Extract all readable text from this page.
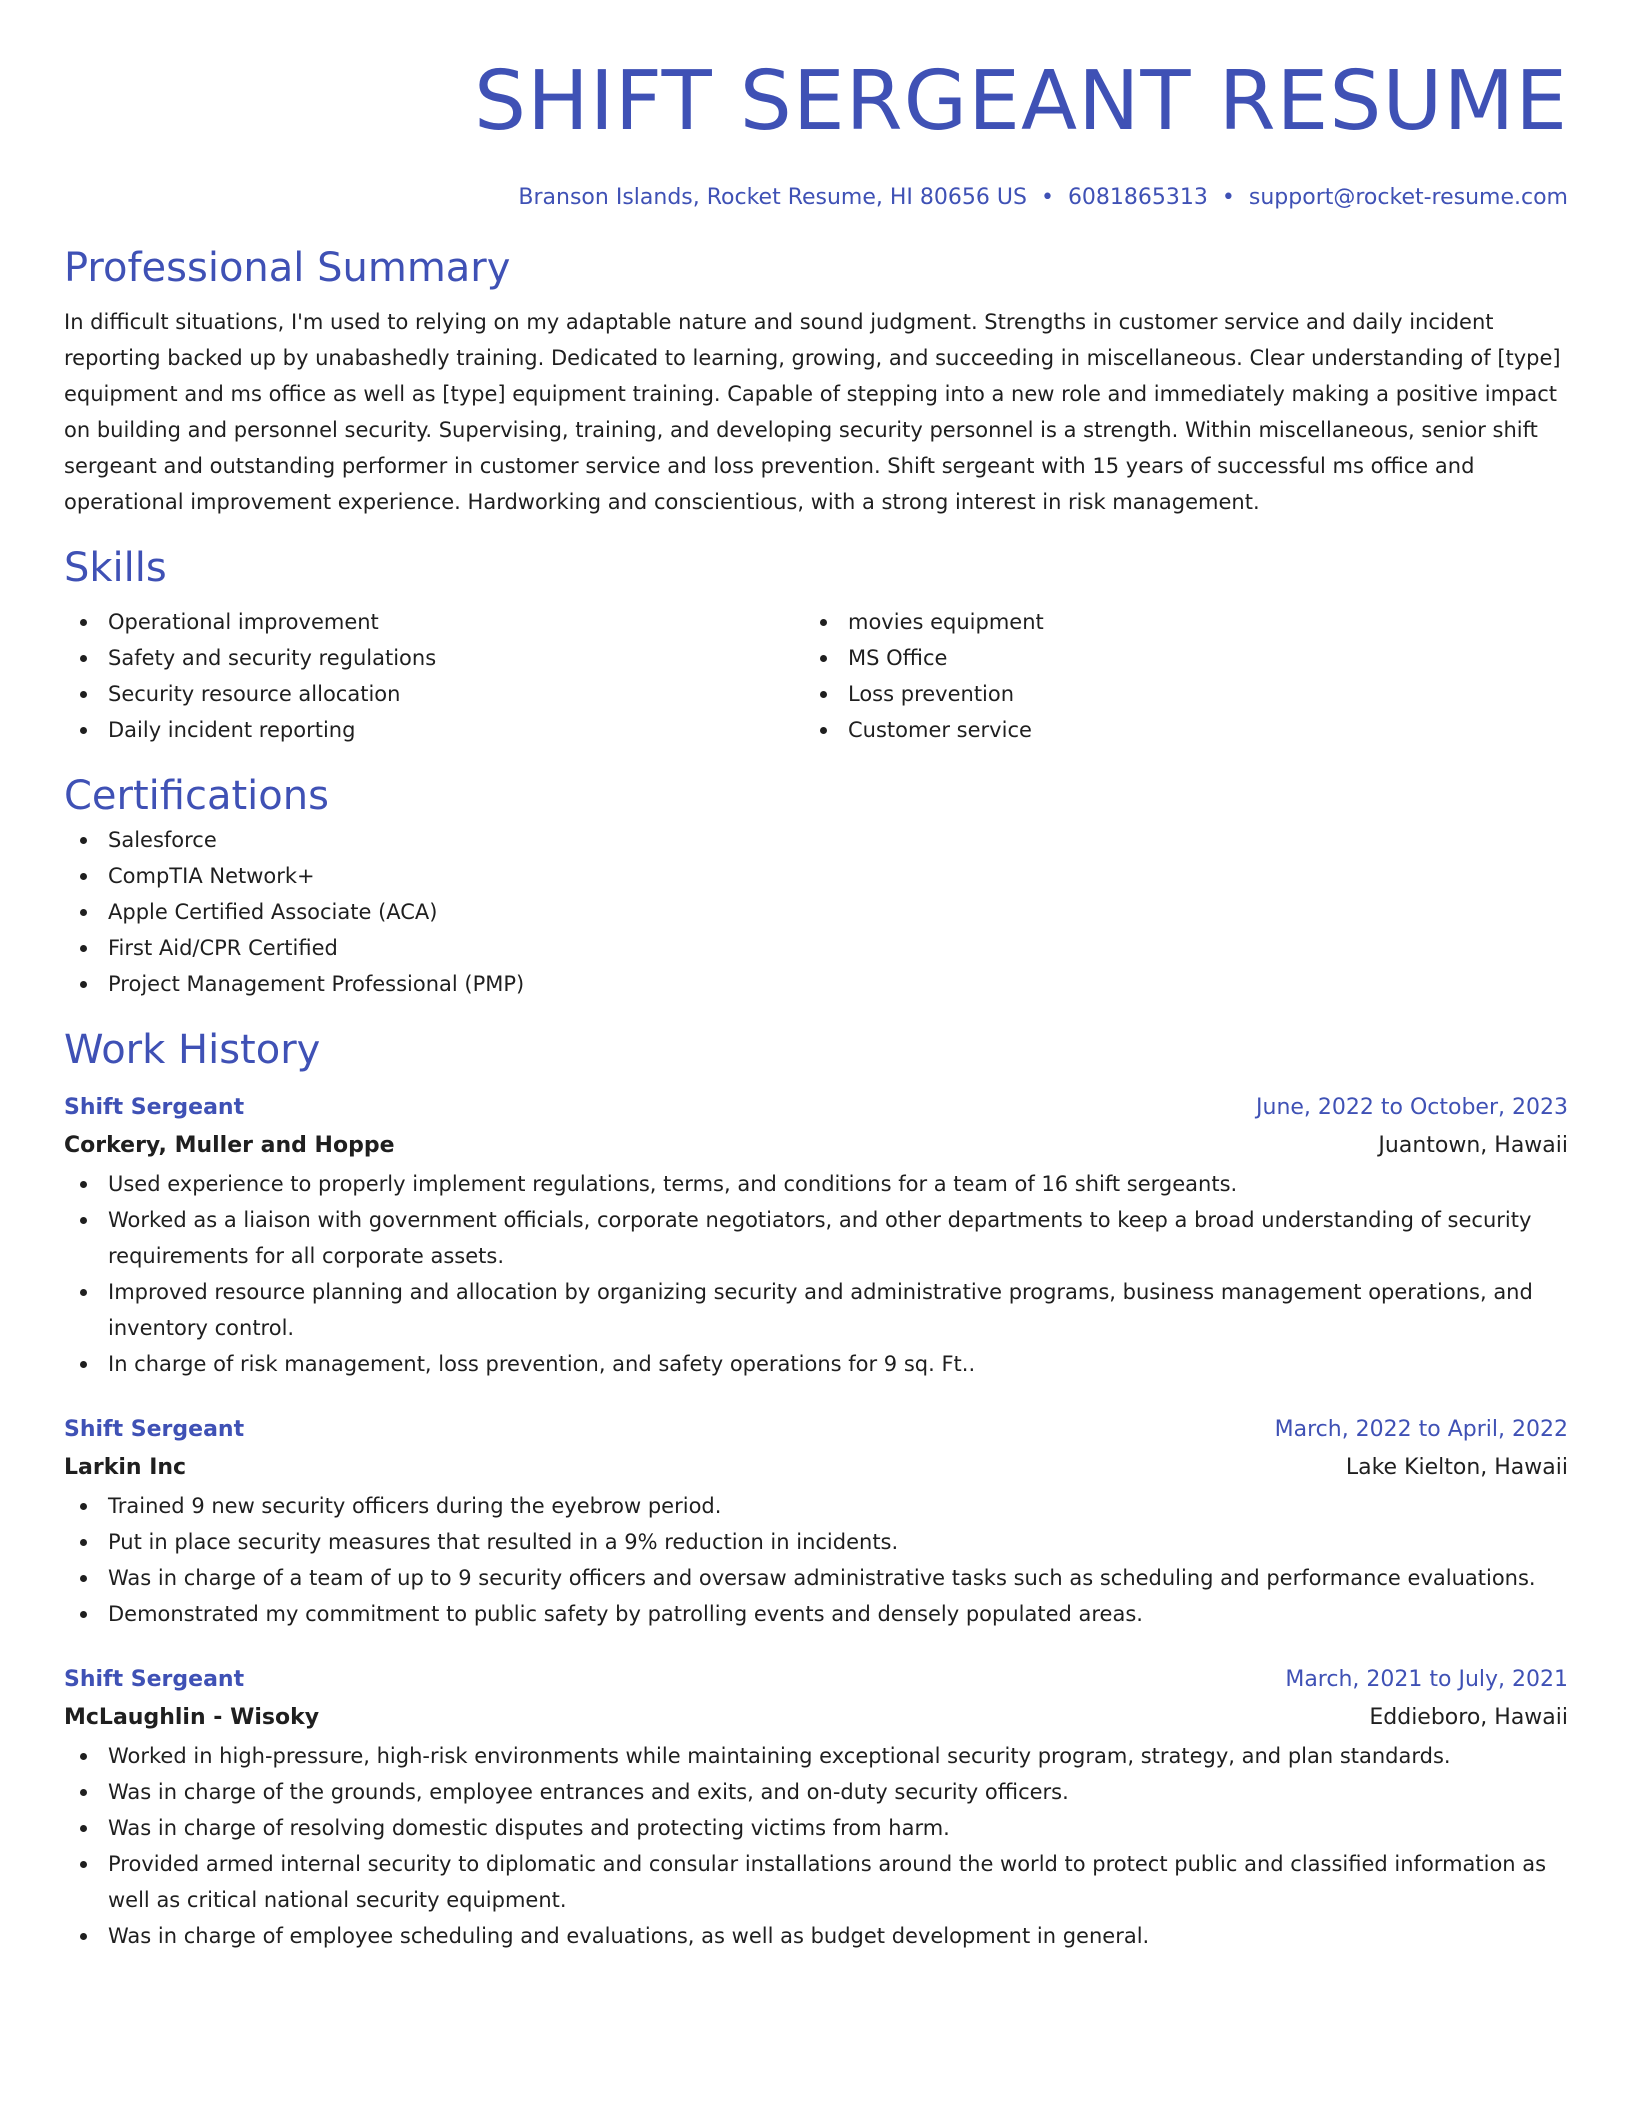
SHIFT SERGEANT RESUME
Branson Islands, Rocket Resume, HI 80656 US • 6081865313 • support@rocket-resume.com
Professional Summary
In difficult situations, I'm used to relying on my adaptable nature and sound judgment. Strengths in customer service and daily incident reporting backed up by unabashedly training. Dedicated to learning, growing, and succeeding in miscellaneous. Clear understanding of [type] equipment and ms office as well as [type] equipment training. Capable of stepping into a new role and immediately making a positive impact on building and personnel security. Supervising, training, and developing security personnel is a strength. Within miscellaneous, senior shift sergeant and outstanding performer in customer service and loss prevention. Shift sergeant with 15 years of successful ms office and operational improvement experience. Hardworking and conscientious, with a strong interest in risk management.
Skills
Operational improvement
Safety and security regulations
Security resource allocation
Daily incident reporting
movies equipment
MS Office
Loss prevention
Customer service
Certifications
Salesforce
CompTIA Network+
Apple Certified Associate (ACA)
First Aid/CPR Certified
Project Management Professional (PMP)
Work History
Shift Sergeant	June, 2022 to October, 2023
Corkery, Muller and Hoppe	Juantown, Hawaii
Used experience to properly implement regulations, terms, and conditions for a team of 16 shift sergeants.
Worked as a liaison with government officials, corporate negotiators, and other departments to keep a broad understanding of security requirements for all corporate assets.
Improved resource planning and allocation by organizing security and administrative programs, business management operations, and inventory control.
In charge of risk management, loss prevention, and safety operations for 9 sq. Ft..
Shift Sergeant	March, 2022 to April, 2022
Larkin Inc	Lake Kielton, Hawaii
Trained 9 new security officers during the eyebrow period.
Put in place security measures that resulted in a 9% reduction in incidents.
Was in charge of a team of up to 9 security officers and oversaw administrative tasks such as scheduling and performance evaluations.
Demonstrated my commitment to public safety by patrolling events and densely populated areas.
Shift Sergeant	March, 2021 to July, 2021
McLaughlin - Wisoky	Eddieboro, Hawaii
Worked in high-pressure, high-risk environments while maintaining exceptional security program, strategy, and plan standards.
Was in charge of the grounds, employee entrances and exits, and on-duty security officers.
Was in charge of resolving domestic disputes and protecting victims from harm.
Provided armed internal security to diplomatic and consular installations around the world to protect public and classified information as well as critical national security equipment.
Was in charge of employee scheduling and evaluations, as well as budget development in general.
